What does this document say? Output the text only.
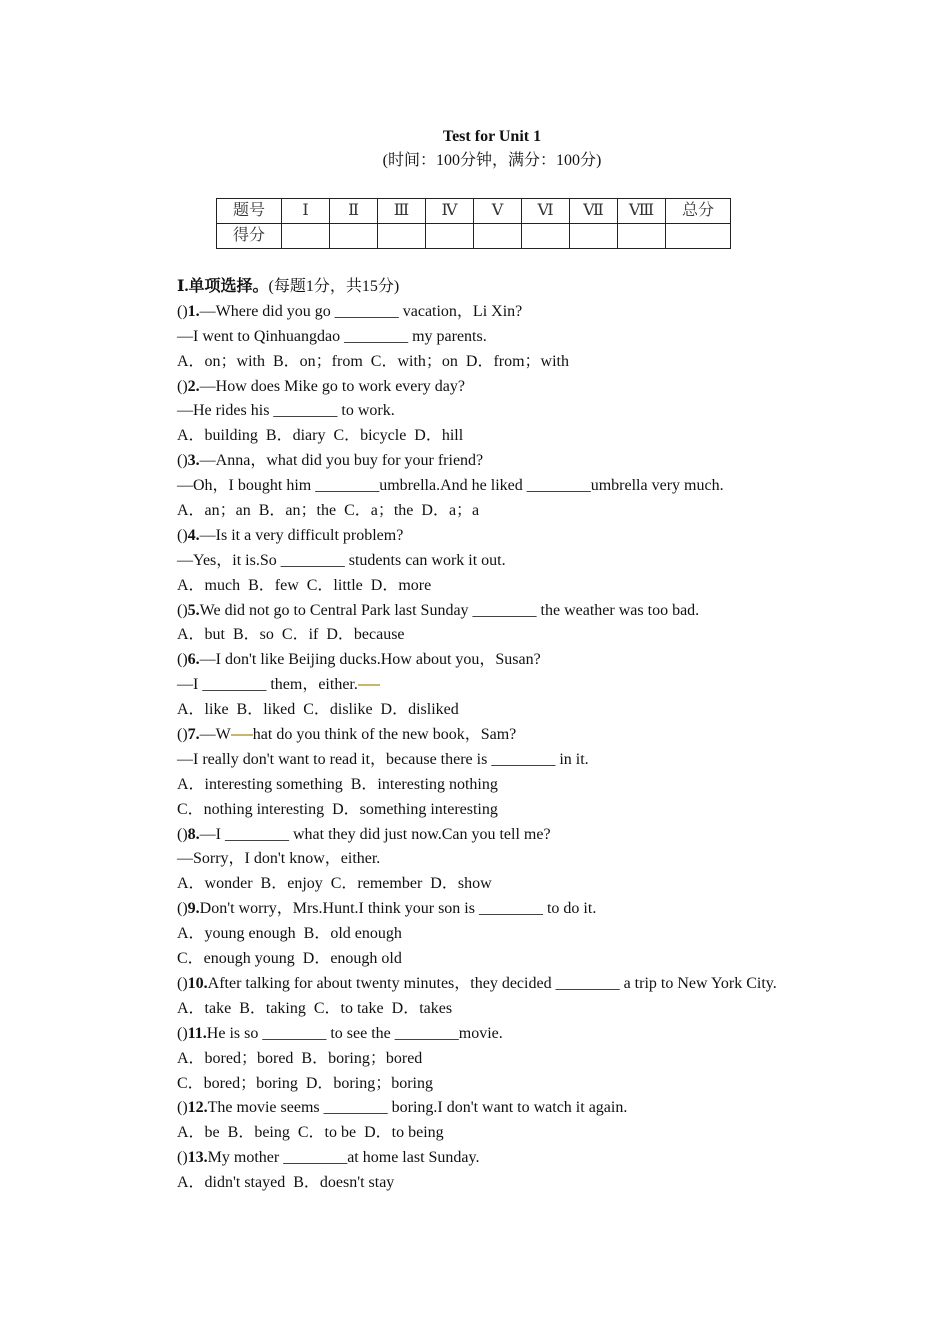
Test for Unit 1
(时间：100分钟，满分：100分)
题号	Ⅰ	Ⅱ	Ⅲ	Ⅳ	Ⅴ	Ⅵ	Ⅶ	Ⅷ	总分
得分									
Ⅰ.单项选择。(每题1分，共15分)
()1.—Where did you go ________ vacation，Li Xin?
—I went to Qinhuangdao ________ my parents.
A．on；with  B．on；from  C．with；on  D．from；with
()2.—How does Mike go to work every day?
—He rides his ________ to work.
A．building  B．diary  C．bicycle  D．hill
()3.—Anna，what did you buy for your friend?
—Oh，I bought him ________umbrella.And he liked ________umbrella very much.
A．an；an  B．an；the  C．a；the  D．a；a
()4.—Is it a very difficult problem?
—Yes，it is.So ________ students can work it out.
A．much  B．few  C．little  D．more
()5.We did not go to Central Park last Sunday ________ the weather was too bad.
A．but  B．so  C．if  D．because
()6.—I don't like Beijing ducks.How about you，Susan?
—I ________ them，either.
A．like  B．liked  C．dislike  D．disliked
()7.—W hat do you think of the new book，Sam?
—I really don't want to read it，because there is ________ in it.
A．interesting something  B．interesting nothing
C．nothing interesting  D．something interesting
()8.—I ________ what they did just now.Can you tell me?
—Sorry，I don't know，either.
A．wonder  B．enjoy  C．remember  D．show
()9.Don't worry，Mrs.Hunt.I think your son is ________ to do it.
A．young enough  B．old enough
C．enough young  D．enough old
()10.After talking for about twenty minutes，they decided ________ a trip to New York City.
A．take  B．taking  C．to take  D．takes
()11.He is so ________ to see the ________movie.
A．bored；bored  B．boring；bored
C．bored；boring  D．boring；boring
()12.The movie seems ________ boring.I don't want to watch it again.
A．be  B．being  C．to be  D．to being
()13.My mother ________at home last Sunday.
A．didn't stayed  B．doesn't stay
